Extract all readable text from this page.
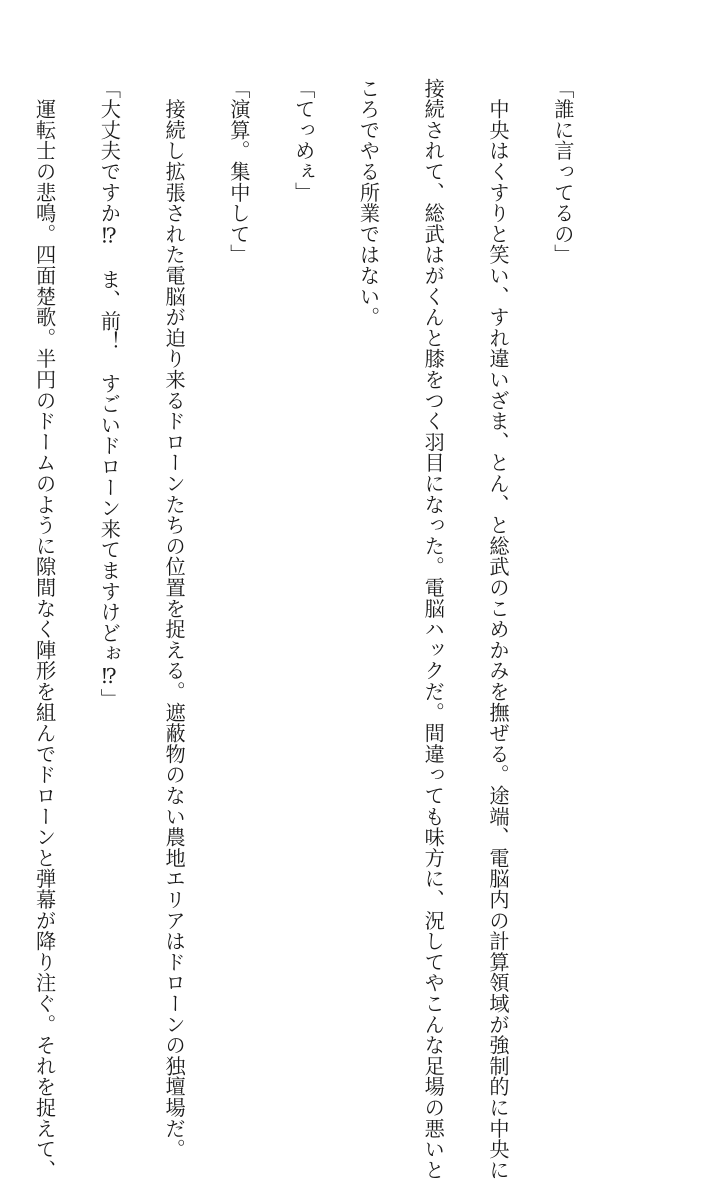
「誰に言ってるの」

　中央はくすりと笑い、すれ違いざま、とん、と総武のこめかみを撫ぜる。途端、電脳内の計算領域が強制的に中央に

接続されて、総武はがくんと膝をつく羽目になった。電脳ハックだ。間違っても味方に、況してやこんな足場の悪いと

ころでやる所業ではない。

「てっめぇ」

「演算。集中して」

　接続し拡張された電脳が迫り来るドローンたちの位置を捉える。遮蔽物のない農地エリアはドローンの独壇場だ。

「大丈夫ですか⁉　ま、前！　すごいドローン来てますけどぉ⁉」

　運転士の悲鳴。四面楚歌。半円のドームのように隙間なく陣形を組んでドローンと弾幕が降り注ぐ。それを捉えて、
